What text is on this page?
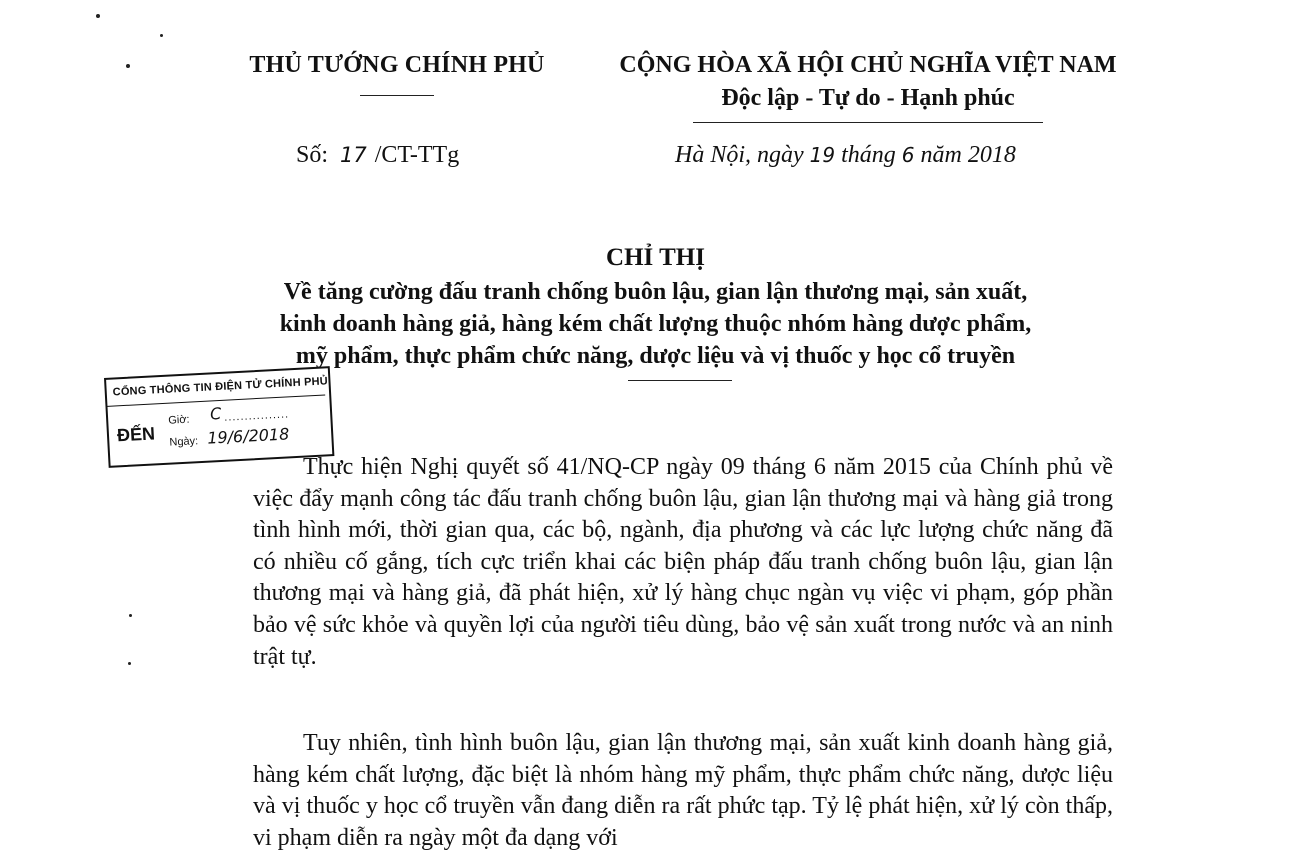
THỦ TƯỚNG CHÍNH PHỦ	CỘNG HÒA XÃ HỘI CHỦ NGHĨA VIỆT NAM
Độc lập - Tự do - Hạnh phúc
Số: 17 /CT-TTg	Hà Nội, ngày 19 tháng 6 năm 2018
CHỈ THỊ
Về tăng cường đấu tranh chống buôn lậu, gian lận thương mại, sản xuất,
kinh doanh hàng giả, hàng kém chất lượng thuộc nhóm hàng dược phẩm,
mỹ phẩm, thực phẩm chức năng, dược liệu và vị thuốc y học cổ truyền
CỔNG THÔNG TIN ĐIỆN TỬ CHÍNH PHỦ
ĐẾN
Giờ: C ................
Ngày: 19/6/2018

Thực hiện Nghị quyết số 41/NQ-CP ngày 09 tháng 6 năm 2015 của Chính phủ về việc đẩy mạnh công tác đấu tranh chống buôn lậu, gian lận thương mại và hàng giả trong tình hình mới, thời gian qua, các bộ, ngành, địa phương và các lực lượng chức năng đã có nhiều cố gắng, tích cực triển khai các biện pháp đấu tranh chống buôn lậu, gian lận thương mại và hàng giả, đã phát hiện, xử lý hàng chục ngàn vụ việc vi phạm, góp phần bảo vệ sức khỏe và quyền lợi của người tiêu dùng, bảo vệ sản xuất trong nước và an ninh trật tự.

Tuy nhiên, tình hình buôn lậu, gian lận thương mại, sản xuất kinh doanh hàng giả, hàng kém chất lượng, đặc biệt là nhóm hàng mỹ phẩm, thực phẩm chức năng, dược liệu và vị thuốc y học cổ truyền vẫn đang diễn ra rất phức tạp. Tỷ lệ phát hiện, xử lý còn thấp, vi phạm diễn ra ngày một đa dạng với
